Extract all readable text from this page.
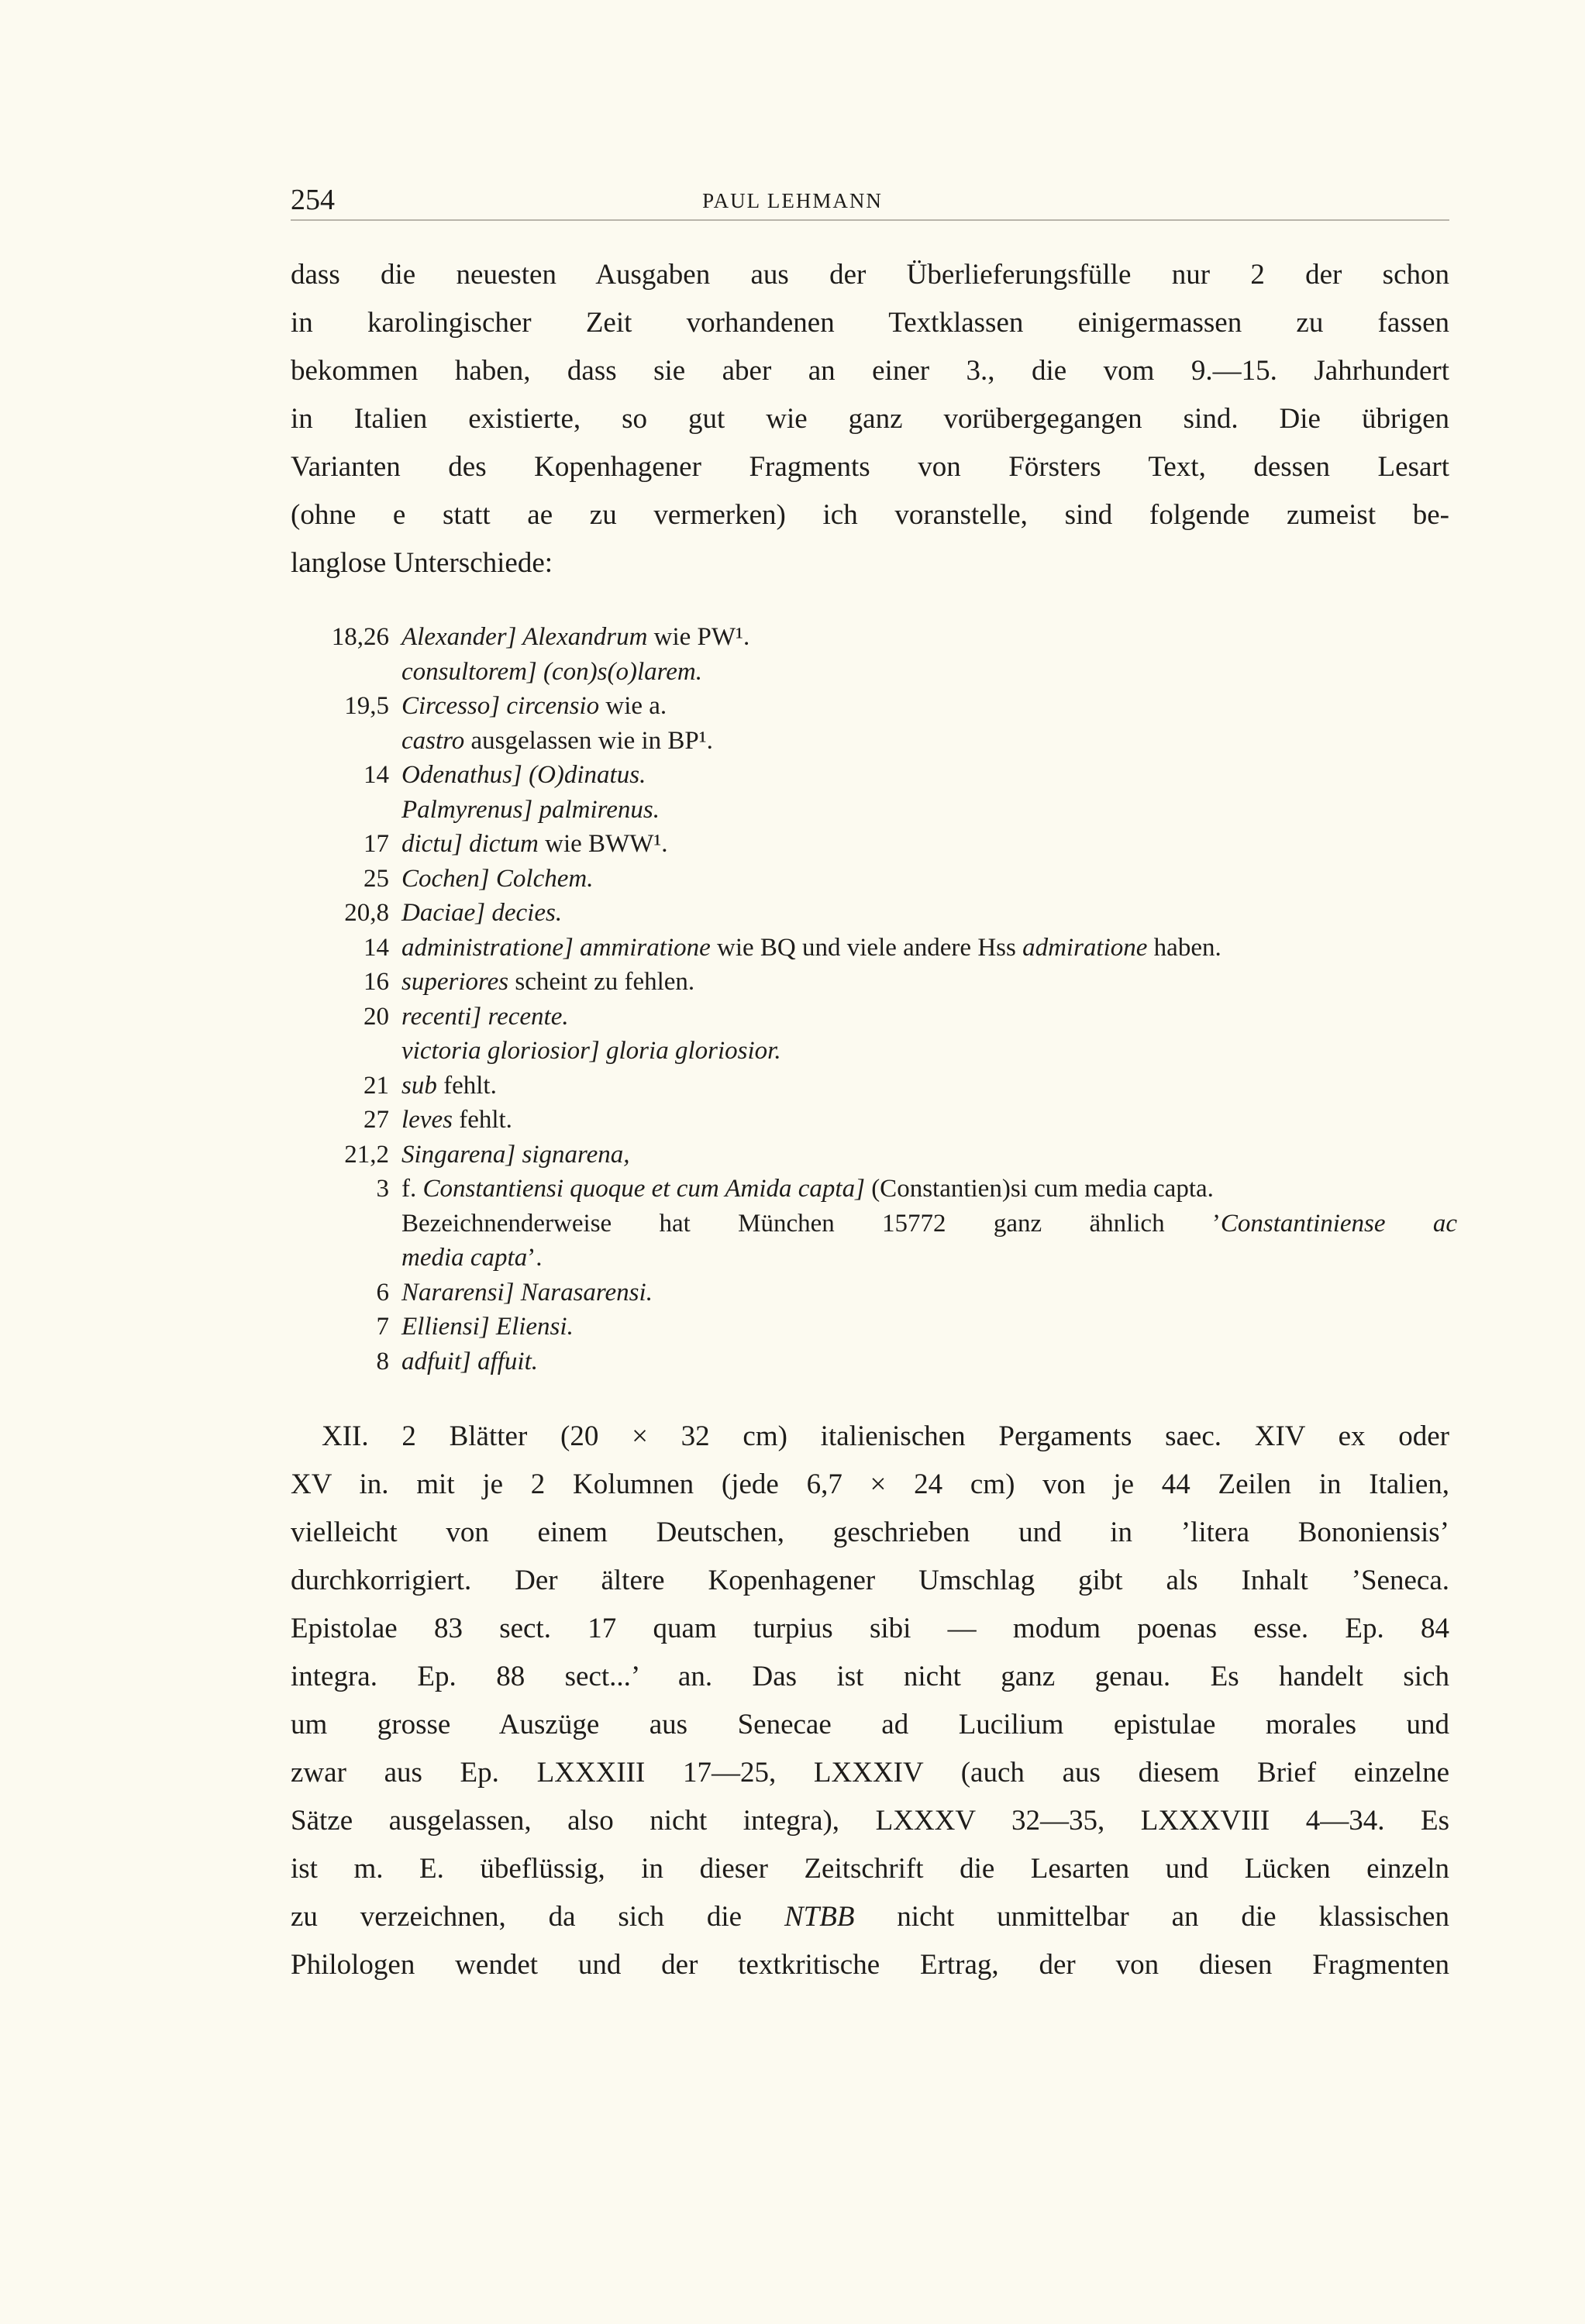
254	PAUL LEHMANN
dass die neuesten Ausgaben aus der Überlieferungsfülle nur 2 der schon
in karolingischer Zeit vorhandenen Textklassen einigermassen zu fassen
bekommen haben, dass sie aber an einer 3., die vom 9.—15. Jahrhundert
in Italien existierte, so gut wie ganz vorübergegangen sind. Die übrigen
Varianten des Kopenhagener Fragments von Försters Text, dessen Lesart
(ohne e statt ae zu vermerken) ich voranstelle, sind folgende zumeist be-
langlose Unterschiede:
18,26 Alexander] Alexandrum wie PW¹.
consultorem] (con)s(o)larem.
19,5 Circesso] circensio wie a.
castro ausgelassen wie in BP¹.
14 Odenathus] (O)dinatus.
Palmyrenus] palmirenus.
17 dictu] dictum wie BWW¹.
25 Cochen] Colchem.
20,8 Daciae] decies.
14 administratione] ammiratione wie BQ und viele andere Hss admiratione haben.
16 superiores scheint zu fehlen.
20 recenti] recente.
victoria gloriosior] gloria gloriosior.
21 sub fehlt.
27 leves fehlt.
21,2 Singarena] signarena,
3 f. Constantiensi quoque et cum Amida capta] (Constantien)si cum media capta.
Bezeichnenderweise hat München 15772 ganz ähnlich ’Constantiniense ac
media capta’.
6 Nararensi] Narasarensi.
7 Elliensi] Eliensi.
8 adfuit] affuit.
XII. 2 Blätter (20 × 32 cm) italienischen Pergaments saec. XIV ex oder
XV in. mit je 2 Kolumnen (jede 6,7 × 24 cm) von je 44 Zeilen in Italien,
vielleicht von einem Deutschen, geschrieben und in ’litera Bononiensis’
durchkorrigiert. Der ältere Kopenhagener Umschlag gibt als Inhalt ’Seneca.
Epistolae 83 sect. 17 quam turpius sibi — modum poenas esse. Ep. 84
integra. Ep. 88 sect...’ an. Das ist nicht ganz genau. Es handelt sich
um grosse Auszüge aus Senecae ad Lucilium epistulae morales und
zwar aus Ep. LXXXIII 17—25, LXXXIV (auch aus diesem Brief einzelne
Sätze ausgelassen, also nicht integra), LXXXV 32—35, LXXXVIII 4—34. Es
ist m. E. übeflüssig, in dieser Zeitschrift die Lesarten und Lücken einzeln
zu verzeichnen, da sich die NTBB nicht unmittelbar an die klassischen
Philologen wendet und der textkritische Ertrag, der von diesen Fragmenten
